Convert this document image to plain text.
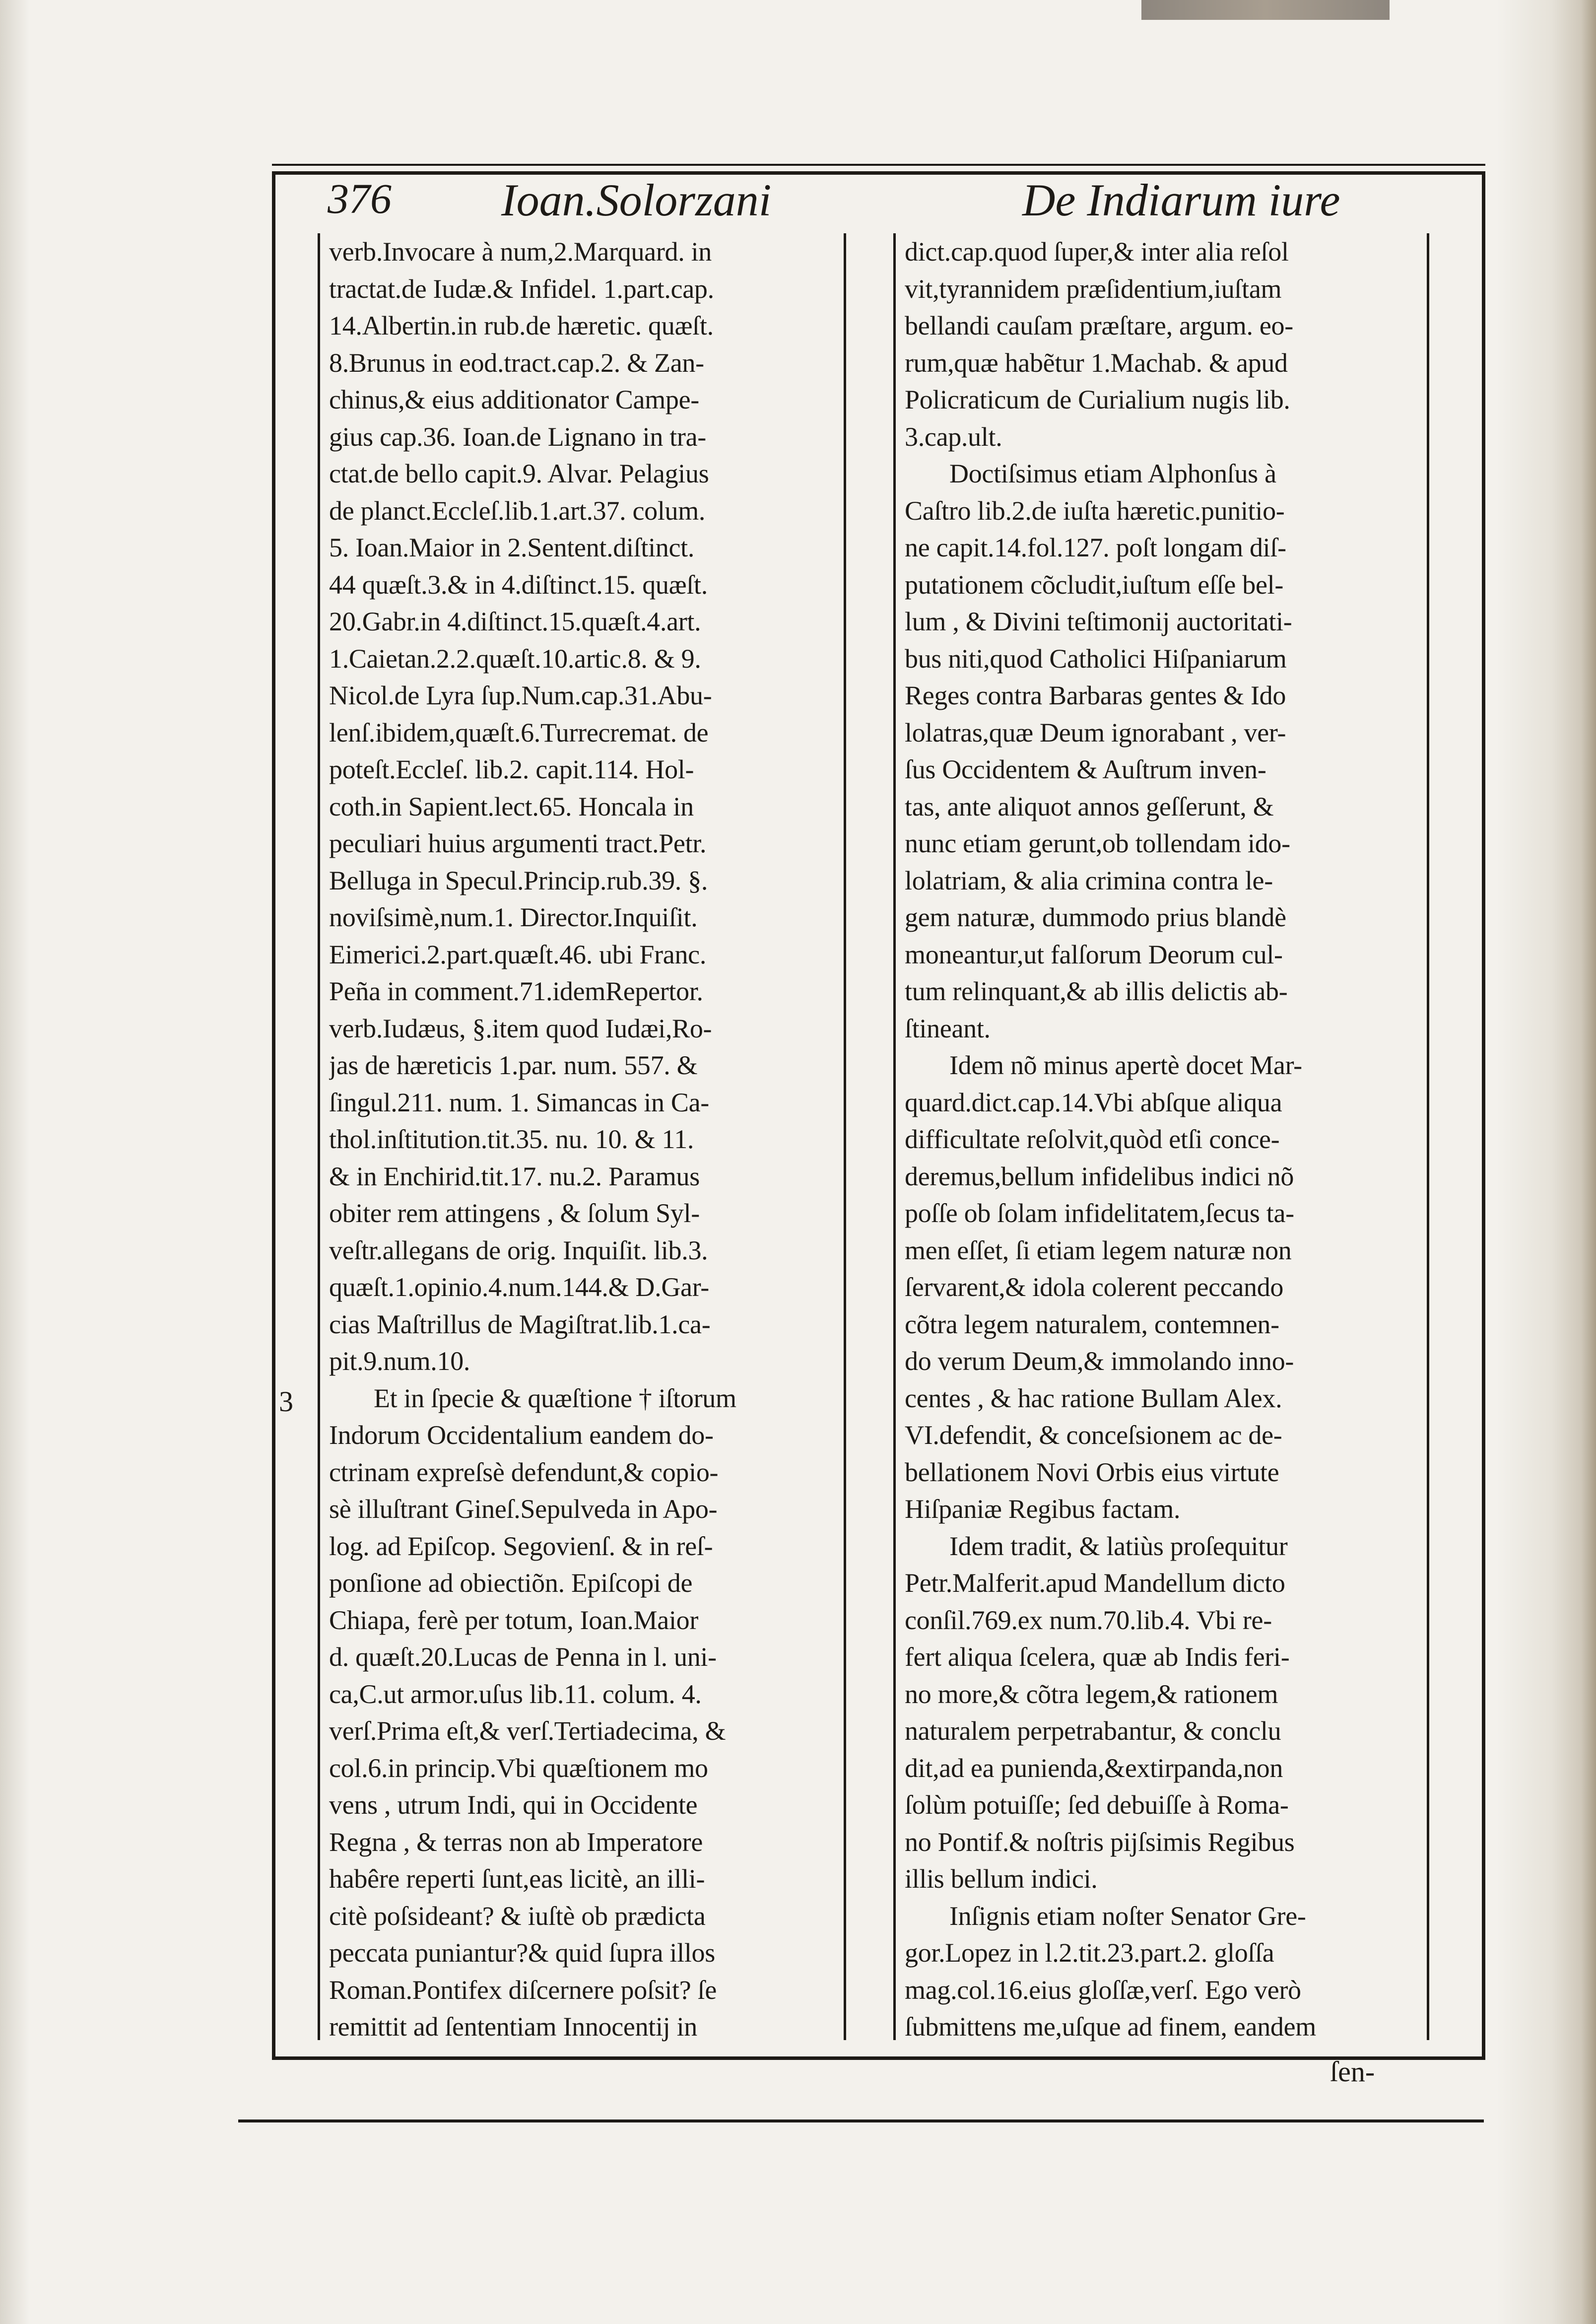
376 Ioan.Solorzani	De Indiarum iure
3
verb.Invocare à num,2.Marquard. in
tractat.de Iudæ.& Infidel. 1.part.cap.
14.Albertin.in rub.de hæretic. quæſt.
8.Brunus in eod.tract.cap.2. & Zan-
chinus,& eius additionator Campe-
gius cap.36. Ioan.de Lignano in tra-
ctat.de bello capit.9. Alvar. Pelagius
de planct.Eccleſ.lib.1.art.37. colum.
5. Ioan.Maior in 2.Sentent.diſtinct.
44 quæſt.3.& in 4.diſtinct.15. quæſt.
20.Gabr.in 4.diſtinct.15.quæſt.4.art.
1.Caietan.2.2.quæſt.10.artic.8. & 9.
Nicol.de Lyra ſup.Num.cap.31.Abu-
lenſ.ibidem,quæſt.6.Turrecremat. de
poteſt.Eccleſ. lib.2. capit.114. Hol-
coth.in Sapient.lect.65. Honcala in
peculiari huius argumenti tract.Petr.
Belluga in Specul.Princip.rub.39. §.
noviſsimè,num.1. Director.Inquiſit.
Eimerici.2.part.quæſt.46. ubi Franc.
Peña in comment.71.idemRepertor.
verb.Iudæus, §.item quod Iudæi,Ro-
jas de hæreticis 1.par. num. 557. &
ſingul.211. num. 1. Simancas in Ca-
thol.inſtitution.tit.35. nu. 10. & 11.
& in Enchirid.tit.17. nu.2. Paramus
obiter rem attingens , & ſolum Syl-
veſtr.allegans de orig. Inquiſit. lib.3.
quæſt.1.opinio.4.num.144.& D.Gar-
cias Maſtrillus de Magiſtrat.lib.1.ca-
pit.9.num.10.
Et in ſpecie & quæſtione † iſtorum
Indorum Occidentalium eandem do-
ctrinam expreſsè defendunt,& copio-
sè illuſtrant Gineſ.Sepulveda in Apo-
log. ad Epiſcop. Segovienſ. & in reſ-
ponſione ad obiectiõn. Epiſcopi de
Chiapa, ferè per totum, Ioan.Maior
d. quæſt.20.Lucas de Penna in l. uni-
ca,C.ut armor.uſus lib.11. colum. 4.
verſ.Prima eſt,& verſ.Tertiadecima, &
col.6.in princip.Vbi quæſtionem mo
vens , utrum Indi, qui in Occidente
Regna , & terras non ab Imperatore
habêre reperti ſunt,eas licitè, an illi-
citè poſsideant? & iuſtè ob prædicta
peccata puniantur?& quid ſupra illos
Roman.Pontifex diſcernere poſsit? ſe
remittit ad ſententiam Innocentij in
dict.cap.quod ſuper,& inter alia reſol
vit,tyrannidem præſidentium,iuſtam
bellandi cauſam præſtare, argum. eo-
rum,quæ habẽtur 1.Machab. & apud
Policraticum de Curialium nugis lib.
3.cap.ult.
Doctiſsimus etiam Alphonſus à
Caſtro lib.2.de iuſta hæretic.punitio-
ne capit.14.fol.127. poſt longam diſ-
putationem cõcludit,iuſtum eſſe bel-
lum , & Divini teſtimonij auctoritati-
bus niti,quod Catholici Hiſpaniarum
Reges contra Barbaras gentes & Ido
lolatras,quæ Deum ignorabant , ver-
ſus Occidentem & Auſtrum inven-
tas, ante aliquot annos geſſerunt, &
nunc etiam gerunt,ob tollendam ido-
lolatriam, & alia crimina contra le-
gem naturæ, dummodo prius blandè
moneantur,ut falſorum Deorum cul-
tum relinquant,& ab illis delictis ab-
ſtineant.
Idem nõ minus apertè docet Mar-
quard.dict.cap.14.Vbi abſque aliqua
difficultate reſolvit,quòd etſi conce-
deremus,bellum infidelibus indici nõ
poſſe ob ſolam infidelitatem,ſecus ta-
men eſſet, ſi etiam legem naturæ non
ſervarent,& idola colerent peccando
cõtra legem naturalem, contemnen-
do verum Deum,& immolando inno-
centes , & hac ratione Bullam Alex.
VI.defendit, & conceſsionem ac de-
bellationem Novi Orbis eius virtute
Hiſpaniæ Regibus factam.
Idem tradit, & latiùs proſequitur
Petr.Malferit.apud Mandellum dicto
conſil.769.ex num.70.lib.4. Vbi re-
fert aliqua ſcelera, quæ ab Indis feri-
no more,& cõtra legem,& rationem
naturalem perpetrabantur, & conclu
dit,ad ea punienda,&extirpanda,non
ſolùm potuiſſe; ſed debuiſſe à Roma-
no Pontif.& noſtris pijſsimis Regibus
illis bellum indici.
Inſignis etiam noſter Senator Gre-
gor.Lopez in l.2.tit.23.part.2. gloſſa
mag.col.16.eius gloſſæ,verſ. Ego verò
ſubmittens me,uſque ad finem, eandem
ſen-
